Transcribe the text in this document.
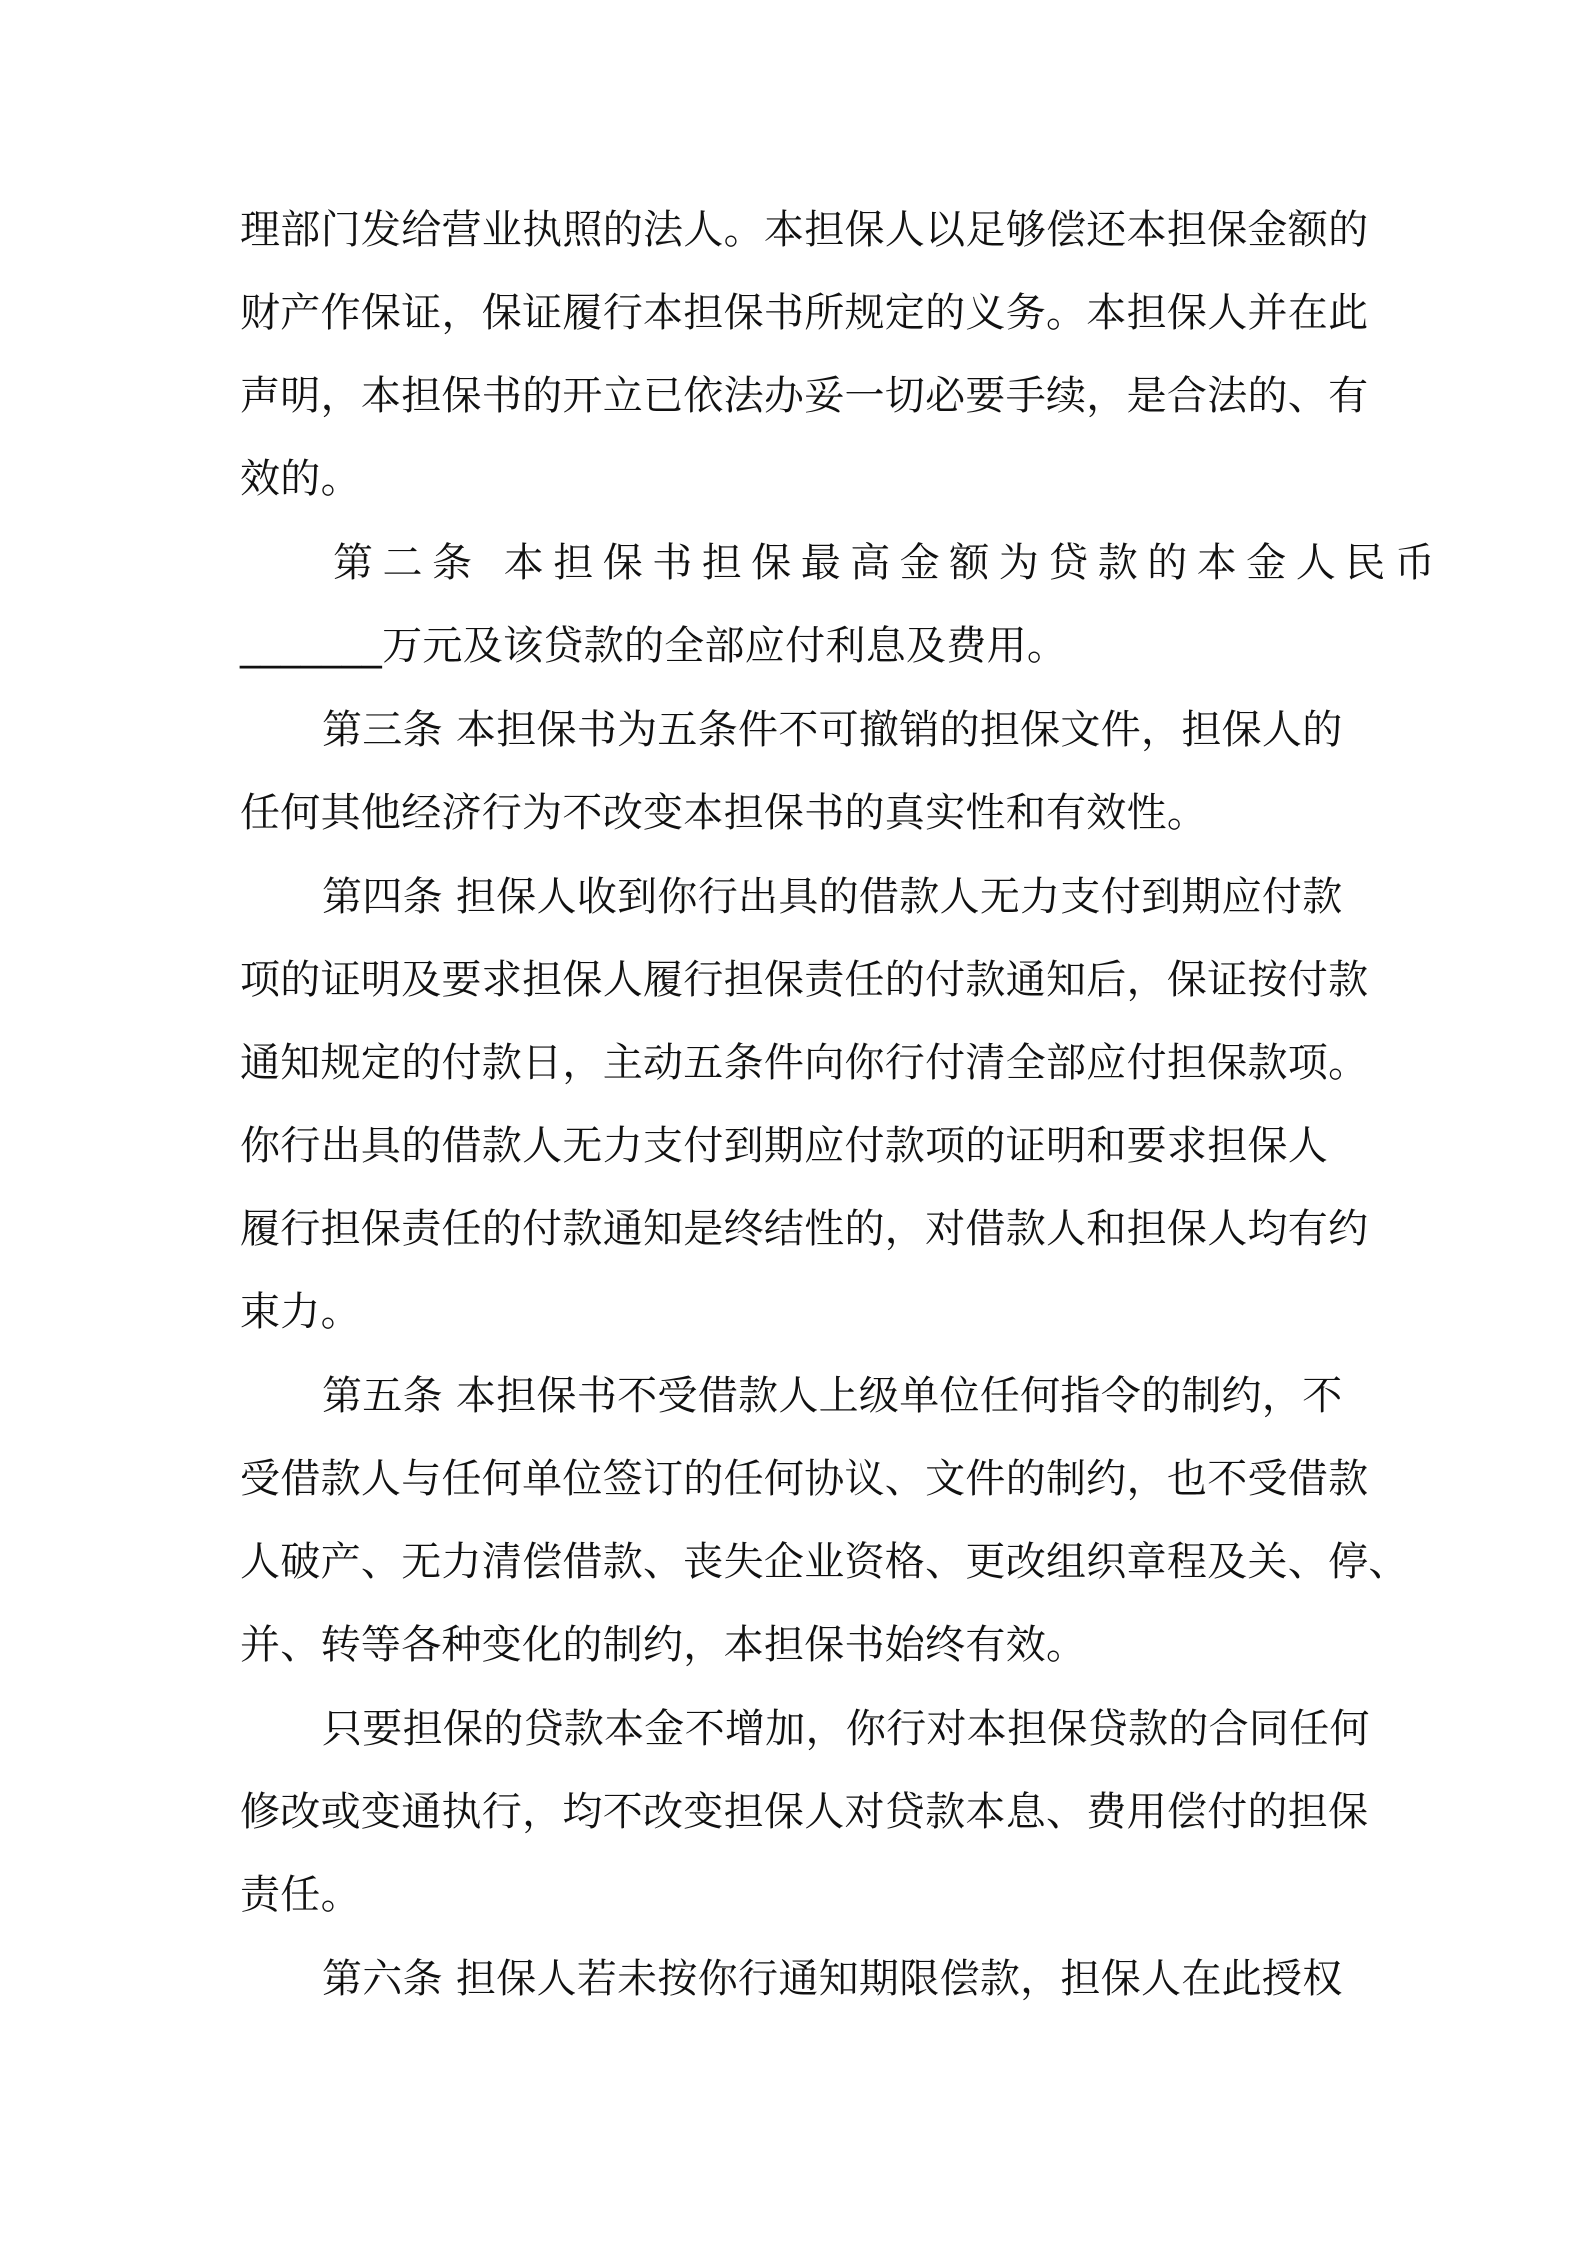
理部门发给营业执照的法人。本担保人以足够偿还本担保金额的
财产作保证，保证履行本担保书所规定的义务。本担保人并在此
声明，本担保书的开立已依法办妥一切必要手续，是合法的、有
效的。
第二条 本担保书担保最高金额为贷款的本金人民币
_______万元及该贷款的全部应付利息及费用。
第三条 本担保书为五条件不可撤销的担保文件，担保人的
任何其他经济行为不改变本担保书的真实性和有效性。
第四条 担保人收到你行出具的借款人无力支付到期应付款
项的证明及要求担保人履行担保责任的付款通知后，保证按付款
通知规定的付款日，主动五条件向你行付清全部应付担保款项。
你行出具的借款人无力支付到期应付款项的证明和要求担保人
履行担保责任的付款通知是终结性的，对借款人和担保人均有约
束力。
第五条 本担保书不受借款人上级单位任何指令的制约，不
受借款人与任何单位签订的任何协议、文件的制约，也不受借款
人破产、无力清偿借款、丧失企业资格、更改组织章程及关、停、
并、转等各种变化的制约，本担保书始终有效。
只要担保的贷款本金不增加，你行对本担保贷款的合同任何
修改或变通执行，均不改变担保人对贷款本息、费用偿付的担保
责任。
第六条 担保人若未按你行通知期限偿款，担保人在此授权
